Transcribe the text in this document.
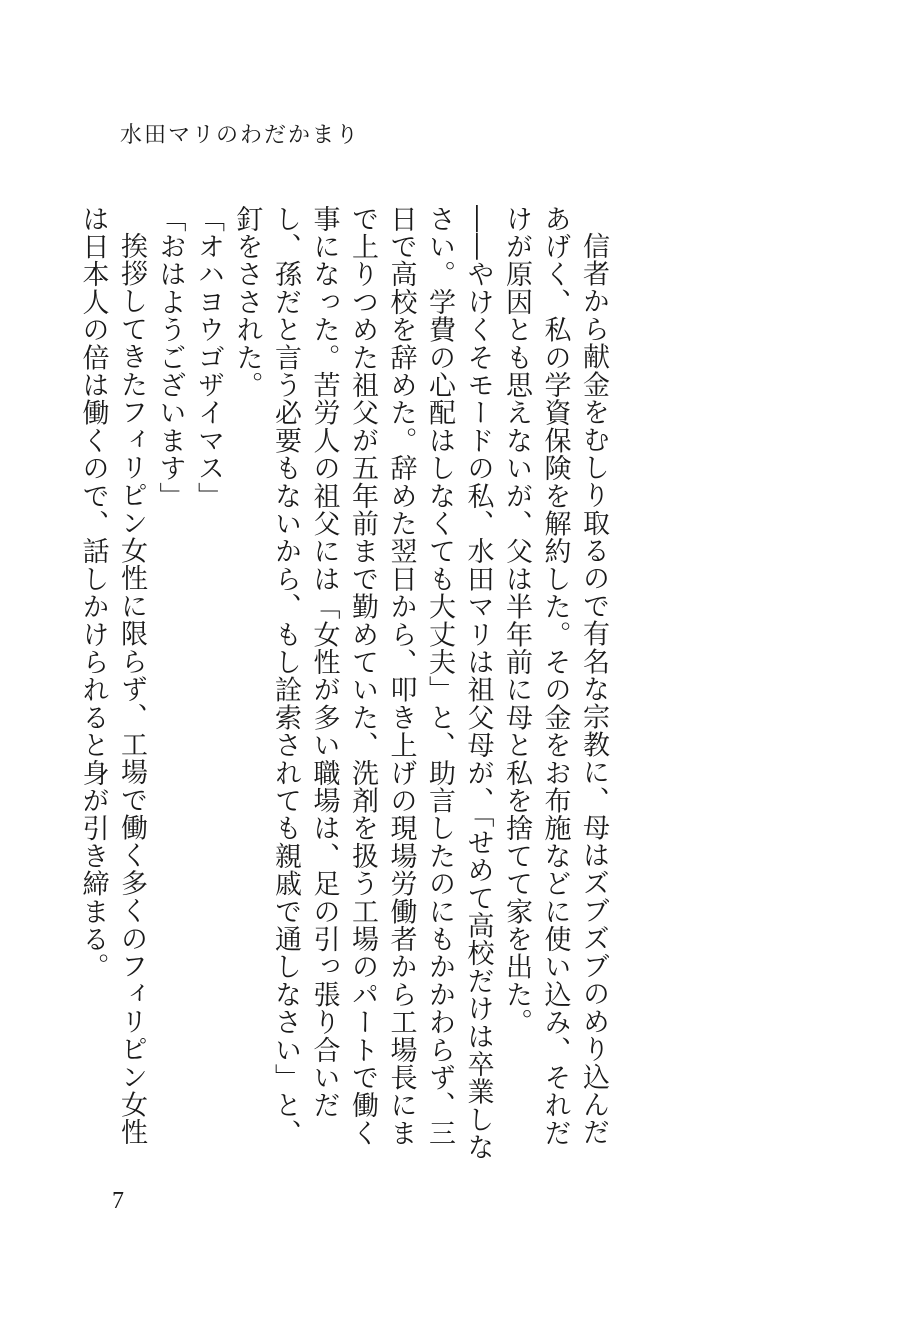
水田マリのわだかまり

信者から献金をむしり取るので有名な宗教に、母はズブズブのめり込んだあげく、私の学資保険を解約した。その金をお布施などに使い込み、それだけが原因とも思えないが、父は半年前に母と私を捨てて家を出た。

――やけくそモードの私、水田マリは祖父母が、「せめて高校だけは卒業しなさい。学費の心配はしなくても大丈夫」と、助言したのにもかかわらず、三日で高校を辞めた。辞めた翌日から、叩き上げの現場労働者から工場長にまで上りつめた祖父が五年前まで勤めていた、洗剤を扱う工場のパートで働く事になった。苦労人の祖父には「女性が多い職場は、足の引っ張り合いだし、孫だと言う必要もないから、もし詮索されても親戚で通しなさい」と、釘をさされた。

「オハヨウゴザイマス」

「おはようございます」

挨拶してきたフィリピン女性に限らず、工場で働く多くのフィリピン女性は日本人の倍は働くので、話しかけられると身が引き締まる。

7
